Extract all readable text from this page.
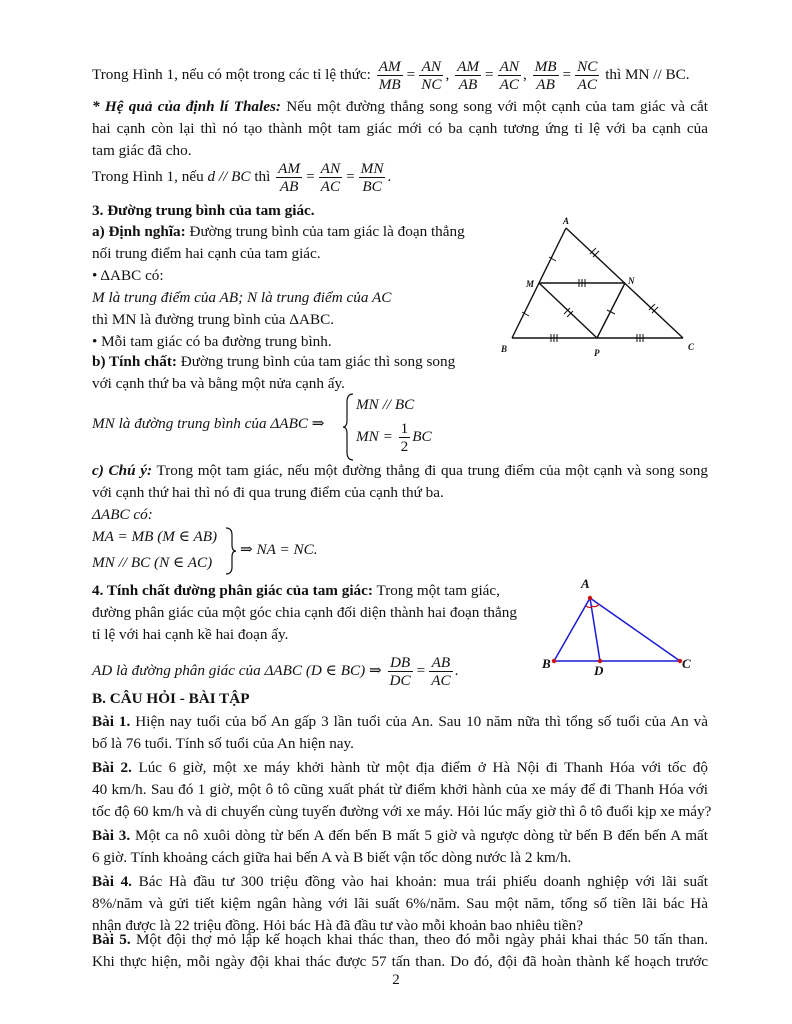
Trong Hình 1, nếu có một trong các tỉ lệ thức: $\frac{AM}{MB} = \frac{AN}{NC}$ , $\frac{AM}{AB} = \frac{AN}{AC}$ , $\frac{MB}{AB} = \frac{NC}{AC}$ thì MN // BC.
* Hệ quả của định lí Thales: Nếu một đường thẳng song song với một cạnh của tam giác và cắt
hai cạnh còn lại thì nó tạo thành một tam giác mới có ba cạnh tương ứng tỉ lệ với ba cạnh của
tam giác đã cho.
Trong Hình 1, nếu d // BC thì $\frac{AM}{AB} = \frac{AN}{AC} = \frac{MN}{BC}$ .
3. Đường trung bình của tam giác.
a) Định nghĩa: Đường trung bình của tam giác là đoạn thẳng
nối trung điểm hai cạnh của tam giác.
• ΔABC có:
M là trung điểm của AB; N là trung điểm của AC
thì MN là đường trung bình của ΔABC.
• Mỗi tam giác có ba đường trung bình.
b) Tính chất: Đường trung bình của tam giác thì song song
với cạnh thứ ba và bằng một nửa cạnh ấy.
MN là đường trung bình của ΔABC ⇒
MN // BC
MN = $\frac{1}{2}$ BC
A
M	N
B	P
C
c) Chú ý: Trong một tam giác, nếu một đường thẳng đi qua trung điểm của một cạnh và song song
với cạnh thứ hai thì nó đi qua trung điểm của cạnh thứ ba.
ΔABC có:
MA = MB (M ∈ AB)
MN // BC (N ∈ AC)
⇒ NA = NC.
4. Tính chất đường phân giác của tam giác: Trong một tam giác,
đường phân giác của một góc chia cạnh đối diện thành hai đoạn thẳng
tỉ lệ với hai cạnh kề hai đoạn ấy.
AD là đường phân giác của ΔABC (D ∈ BC) ⇒ $\frac{DB}{DC} = \frac{AB}{AC}$ .
A
B	D	C
B. CÂU HỎI - BÀI TẬP
Bài 1. Hiện nay tuổi của bố An gấp 3 lần tuổi của An. Sau 10 năm nữa thì tổng số tuổi của An và
bố là 76 tuổi. Tính số tuổi của An hiện nay.
Bài 2. Lúc 6 giờ, một xe máy khởi hành từ một địa điểm ở Hà Nội đi Thanh Hóa với tốc độ
40 km/h. Sau đó 1 giờ, một ô tô cũng xuất phát từ điểm khởi hành của xe máy để đi Thanh Hóa với
tốc độ 60 km/h và di chuyển cùng tuyến đường với xe máy. Hỏi lúc mấy giờ thì ô tô đuổi kịp xe máy?
Bài 3. Một ca nô xuôi dòng từ bến A đến bến B mất 5 giờ và ngược dòng từ bến B đến bến A mất
6 giờ. Tính khoảng cách giữa hai bến A và B biết vận tốc dòng nước là 2 km/h.
Bài 4. Bác Hà đầu tư 300 triệu đồng vào hai khoản: mua trái phiếu doanh nghiệp với lãi suất
8%/năm và gửi tiết kiệm ngân hàng với lãi suất 6%/năm. Sau một năm, tổng số tiền lãi bác Hà
nhận được là 22 triệu đồng. Hỏi bác Hà đã đầu tư vào mỗi khoản bao nhiêu tiền?
Bài 5. Một đội thợ mỏ lập kế hoạch khai thác than, theo đó mỗi ngày phải khai thác 50 tấn than.
Khi thực hiện, mỗi ngày đội khai thác được 57 tấn than. Do đó, đội đã hoàn thành kế hoạch trước
2
